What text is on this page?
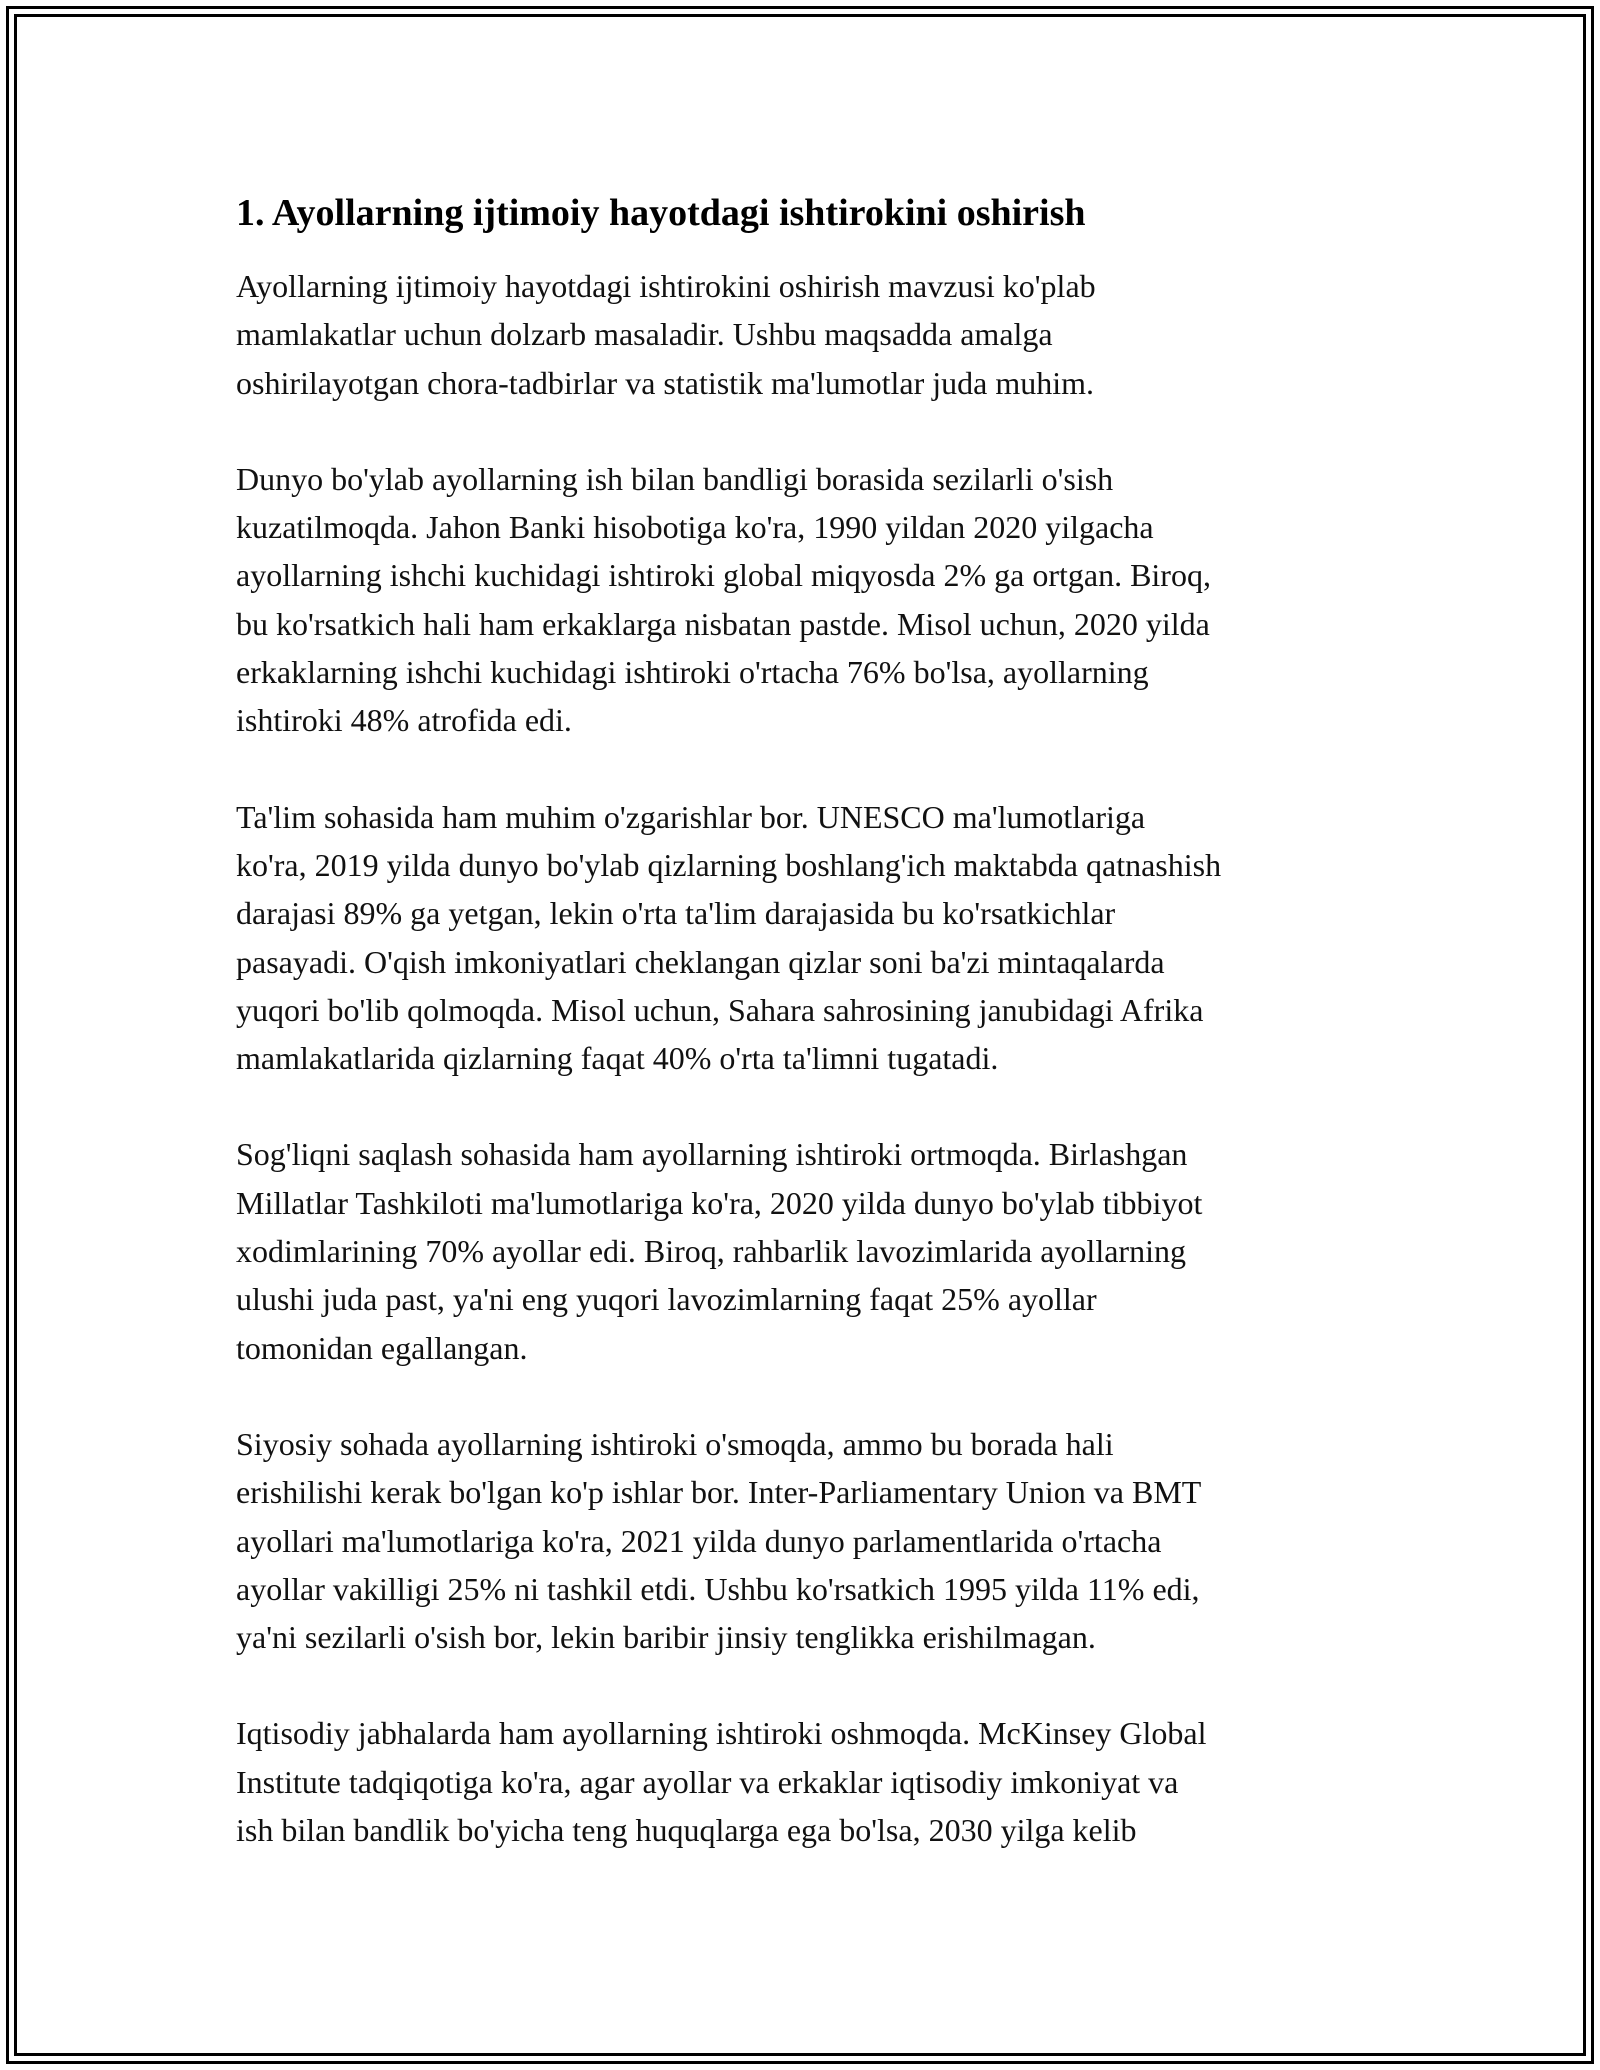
1. Ayollarning ijtimoiy hayotdagi ishtirokini oshirish
Ayollarning ijtimoiy hayotdagi ishtirokini oshirish mavzusi ko'plab
mamlakatlar uchun dolzarb masaladir. Ushbu maqsadda amalga
oshirilayotgan chora-tadbirlar va statistik ma'lumotlar juda muhim.
Dunyo bo'ylab ayollarning ish bilan bandligi borasida sezilarli o'sish
kuzatilmoqda. Jahon Banki hisobotiga ko'ra, 1990 yildan 2020 yilgacha
ayollarning ishchi kuchidagi ishtiroki global miqyosda 2% ga ortgan. Biroq,
bu ko'rsatkich hali ham erkaklarga nisbatan pastde. Misol uchun, 2020 yilda
erkaklarning ishchi kuchidagi ishtiroki o'rtacha 76% bo'lsa, ayollarning
ishtiroki 48% atrofida edi.
Ta'lim sohasida ham muhim o'zgarishlar bor. UNESCO ma'lumotlariga
ko'ra, 2019 yilda dunyo bo'ylab qizlarning boshlang'ich maktabda qatnashish
darajasi 89% ga yetgan, lekin o'rta ta'lim darajasida bu ko'rsatkichlar
pasayadi. O'qish imkoniyatlari cheklangan qizlar soni ba'zi mintaqalarda
yuqori bo'lib qolmoqda. Misol uchun, Sahara sahrosining janubidagi Afrika
mamlakatlarida qizlarning faqat 40% o'rta ta'limni tugatadi.
Sog'liqni saqlash sohasida ham ayollarning ishtiroki ortmoqda. Birlashgan
Millatlar Tashkiloti ma'lumotlariga ko'ra, 2020 yilda dunyo bo'ylab tibbiyot
xodimlarining 70% ayollar edi. Biroq, rahbarlik lavozimlarida ayollarning
ulushi juda past, ya'ni eng yuqori lavozimlarning faqat 25% ayollar
tomonidan egallangan.
Siyosiy sohada ayollarning ishtiroki o'smoqda, ammo bu borada hali
erishilishi kerak bo'lgan ko'p ishlar bor. Inter-Parliamentary Union va BMT
ayollari ma'lumotlariga ko'ra, 2021 yilda dunyo parlamentlarida o'rtacha
ayollar vakilligi 25% ni tashkil etdi. Ushbu ko'rsatkich 1995 yilda 11% edi,
ya'ni sezilarli o'sish bor, lekin baribir jinsiy tenglikka erishilmagan.
Iqtisodiy jabhalarda ham ayollarning ishtiroki oshmoqda. McKinsey Global
Institute tadqiqotiga ko'ra, agar ayollar va erkaklar iqtisodiy imkoniyat va
ish bilan bandlik bo'yicha teng huquqlarga ega bo'lsa, 2030 yilga kelib
